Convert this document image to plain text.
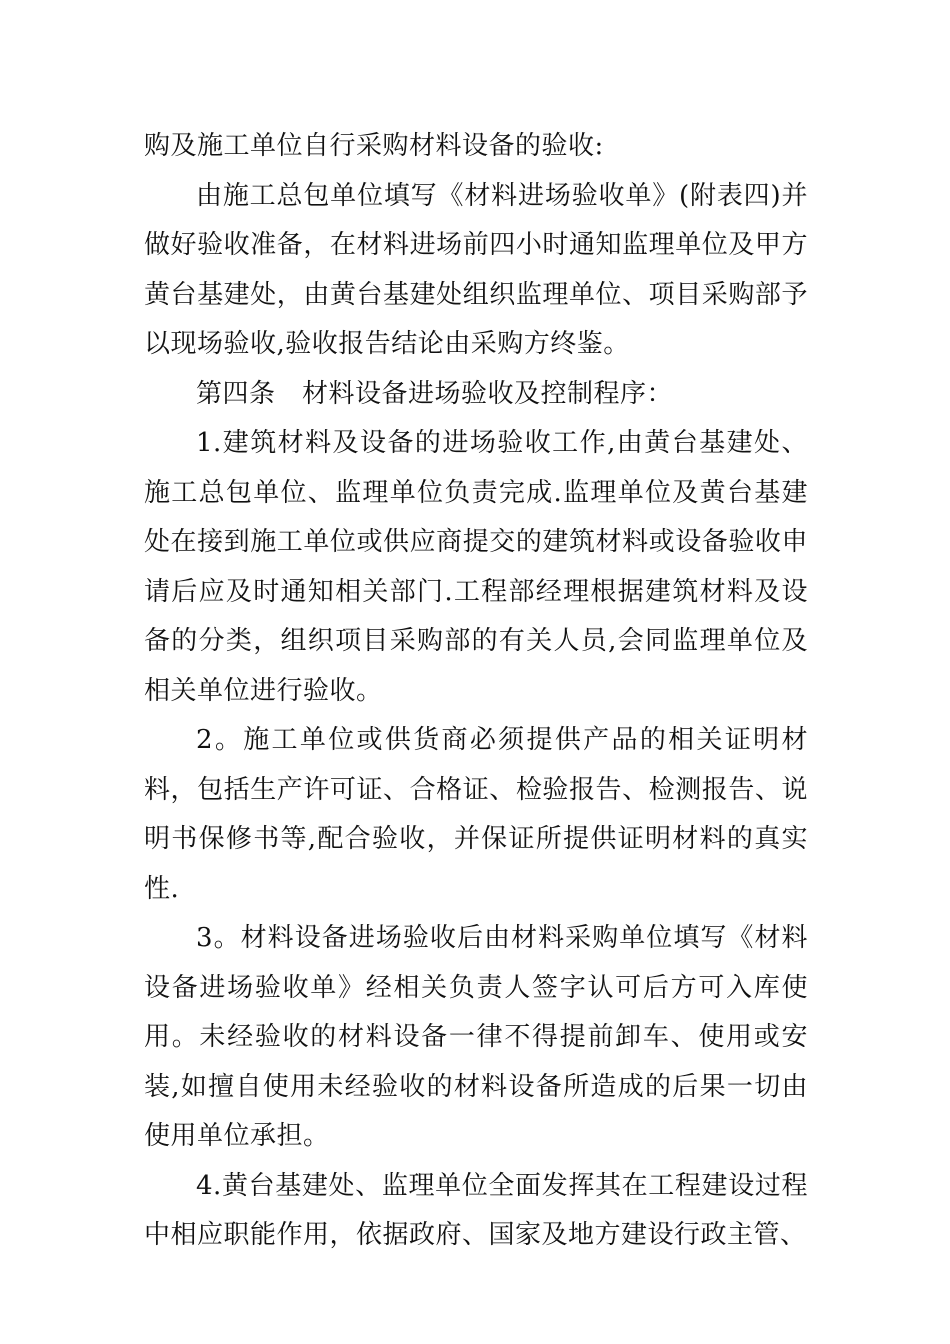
购及施工单位自行采购材料设备的验收:

由施工总包单位填写《材料进场验收单》(附表四)并做好验收准备，在材料进场前四小时通知监理单位及甲方黄台基建处，由黄台基建处组织监理单位、项目采购部予以现场验收,验收报告结论由采购方终鉴。

第四条　材料设备进场验收及控制程序：

1.建筑材料及设备的进场验收工作,由黄台基建处、施工总包单位、监理单位负责完成.监理单位及黄台基建处在接到施工单位或供应商提交的建筑材料或设备验收申请后应及时通知相关部门.工程部经理根据建筑材料及设备的分类，组织项目采购部的有关人员,会同监理单位及相关单位进行验收。

2。施工单位或供货商必须提供产品的相关证明材料，包括生产许可证、合格证、检验报告、检测报告、说明书保修书等,配合验收，并保证所提供证明材料的真实性.

3。材料设备进场验收后由材料采购单位填写《材料设备进场验收单》经相关负责人签字认可后方可入库使用。未经验收的材料设备一律不得提前卸车、使用或安装,如擅自使用未经验收的材料设备所造成的后果一切由使用单位承担。

4.黄台基建处、监理单位全面发挥其在工程建设过程中相应职能作用，依据政府、国家及地方建设行政主管、
